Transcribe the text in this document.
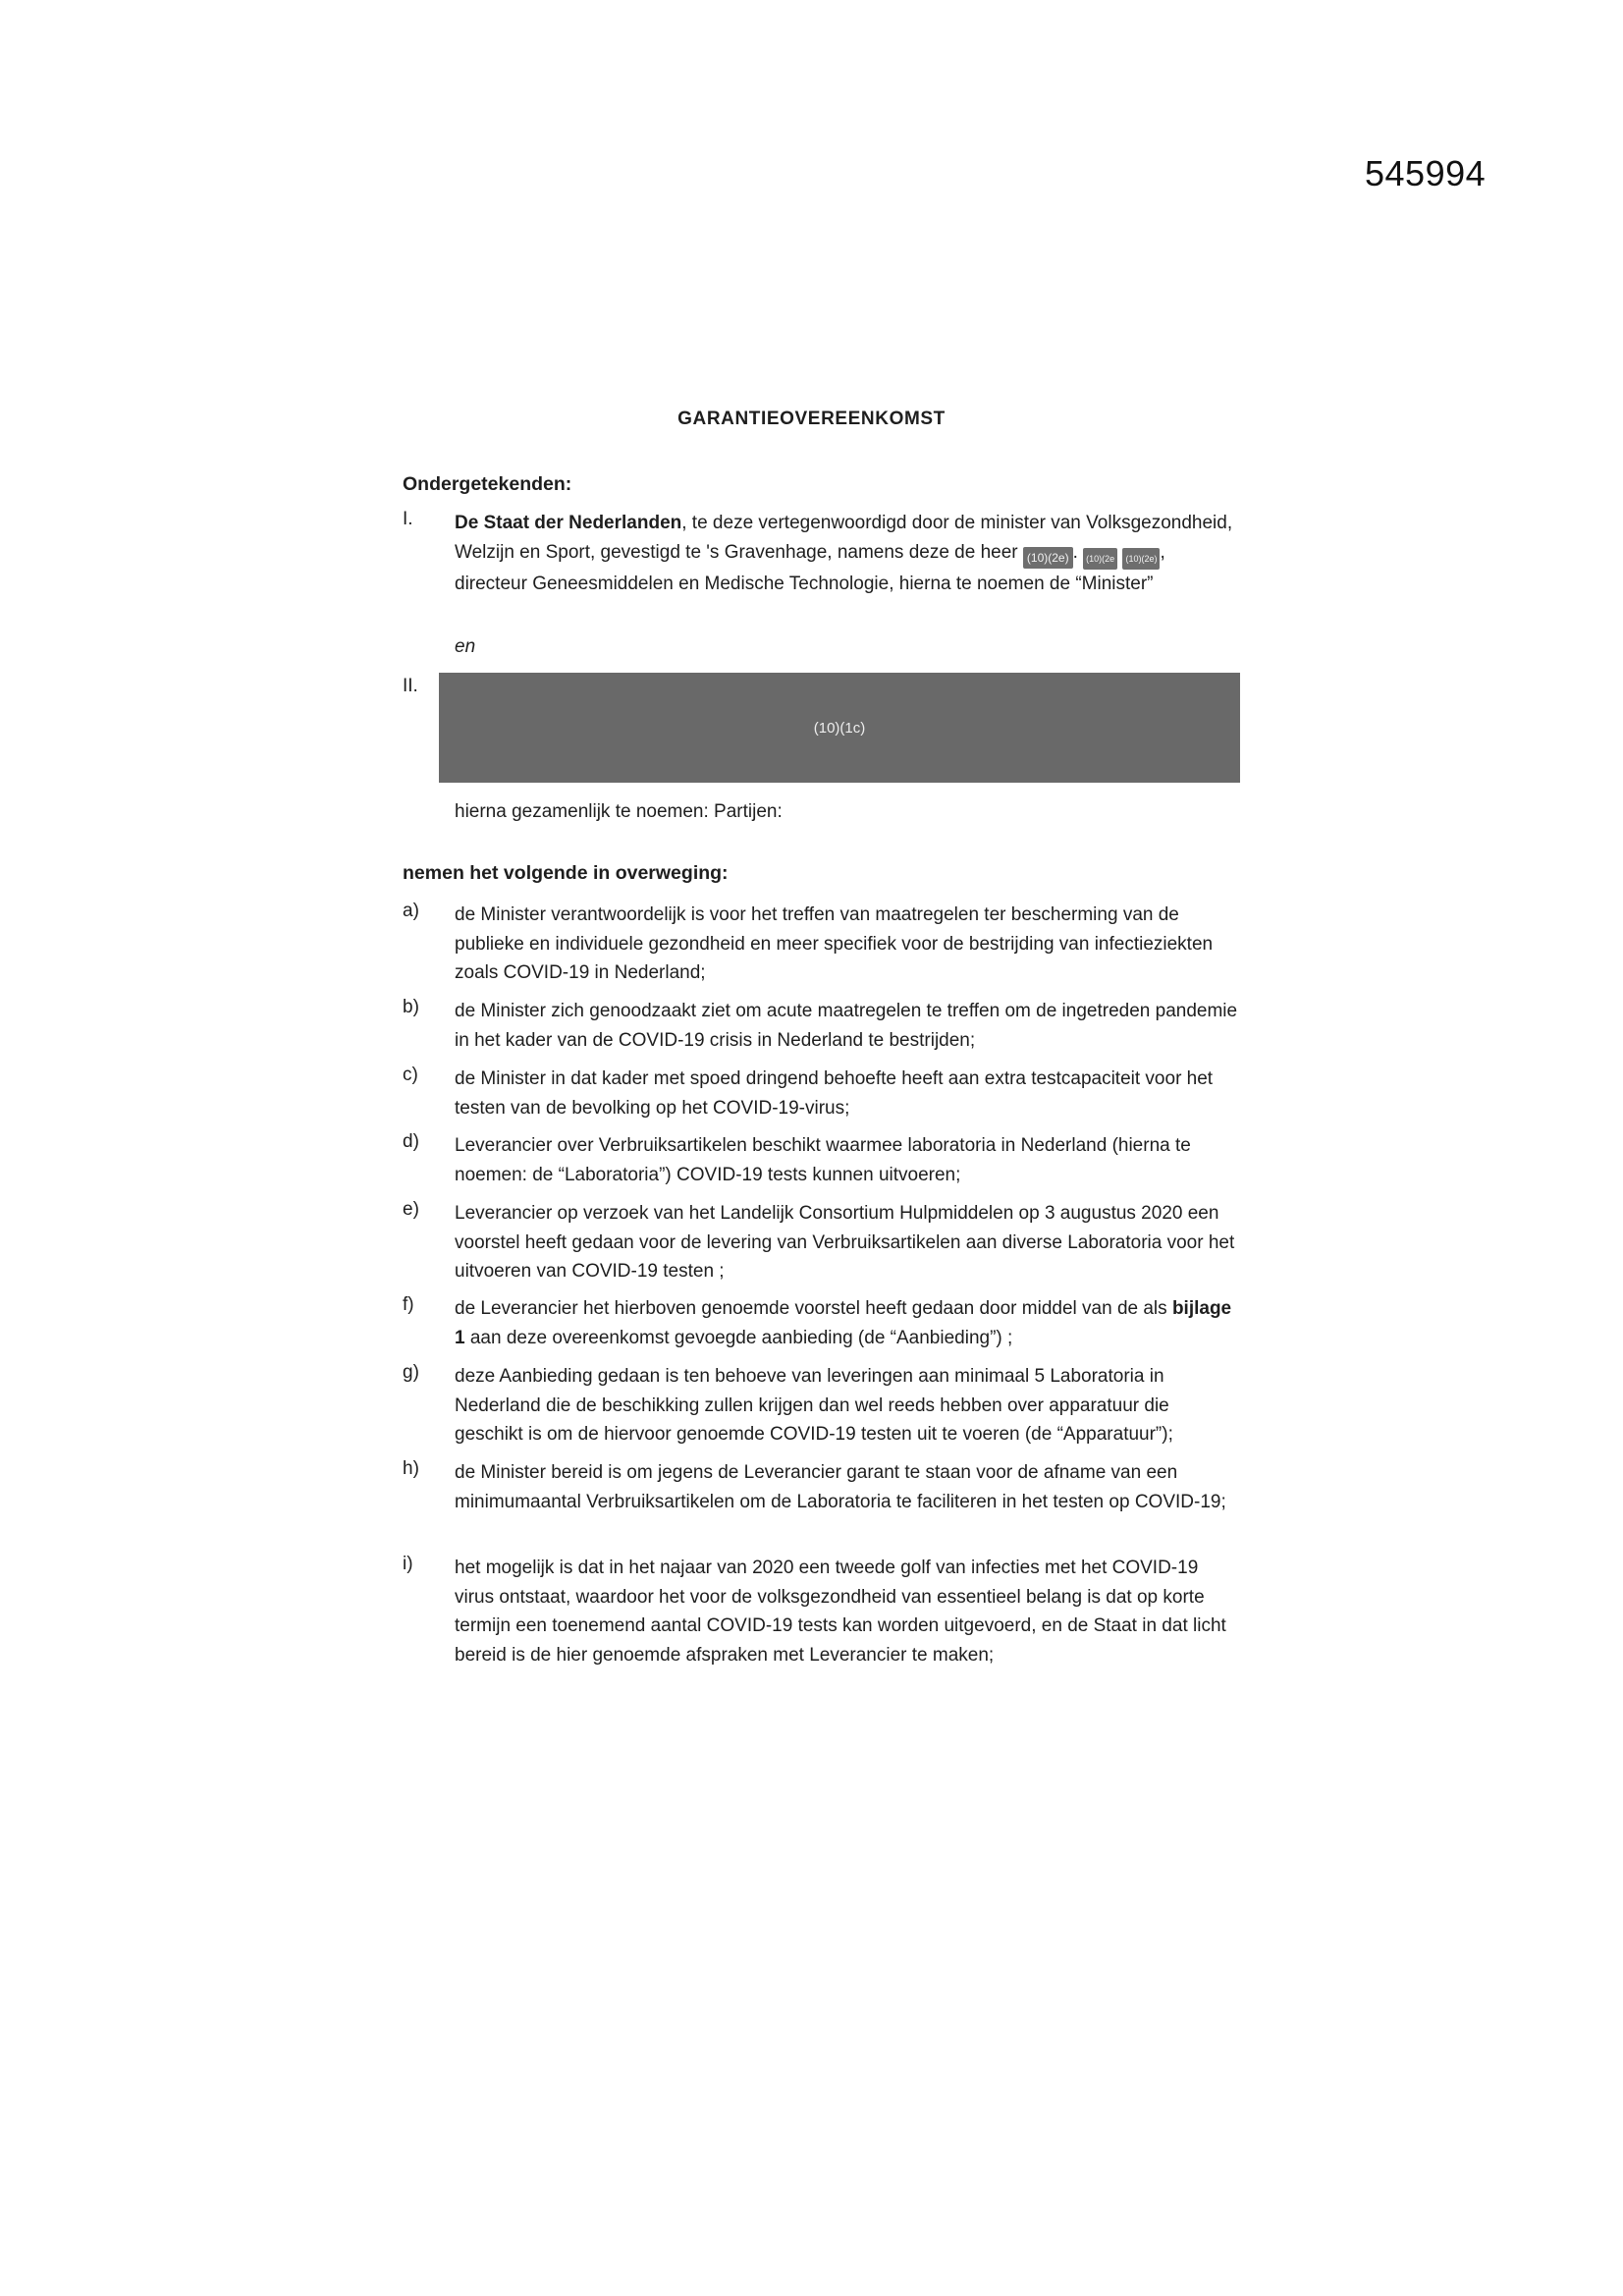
545994
GARANTIEOVEREENKOMST
Ondergetekenden:
I. De Staat der Nederlanden, te deze vertegenwoordigd door de minister van Volksgezondheid, Welzijn en Sport, gevestigd te 's Gravenhage, namens deze de heer (10)(2e) . (10)(2e (10)(2e) , directeur Geneesmiddelen en Medische Technologie, hierna te noemen de “Minister”
en
II.
(10)(1c)
hierna gezamenlijk te noemen: Partijen:
nemen het volgende in overweging:
a) de Minister verantwoordelijk is voor het treffen van maatregelen ter bescherming van de publieke en individuele gezondheid en meer specifiek voor de bestrijding van infectieziekten zoals COVID-19 in Nederland;
b) de Minister zich genoodzaakt ziet om acute maatregelen te treffen om de ingetreden pandemie in het kader van de COVID-19 crisis in Nederland te bestrijden;
c) de Minister in dat kader met spoed dringend behoefte heeft aan extra testcapaciteit voor het testen van de bevolking op het COVID-19-virus;
d) Leverancier over Verbruiksartikelen beschikt waarmee laboratoria in Nederland (hierna te noemen: de “Laboratoria”) COVID-19 tests kunnen uitvoeren;
e) Leverancier op verzoek van het Landelijk Consortium Hulpmiddelen op 3 augustus 2020 een voorstel heeft gedaan voor de levering van Verbruiksartikelen aan diverse Laboratoria voor het uitvoeren van COVID-19 testen ;
f) de Leverancier het hierboven genoemde voorstel heeft gedaan door middel van de als bijlage 1 aan deze overeenkomst gevoegde aanbieding (de “Aanbieding”) ;
g) deze Aanbieding gedaan is ten behoeve van leveringen aan minimaal 5 Laboratoria in Nederland die de beschikking zullen krijgen dan wel reeds hebben over apparatuur die geschikt is om de hiervoor genoemde COVID-19 testen uit te voeren (de “Apparatuur”);
h) de Minister bereid is om jegens de Leverancier garant te staan voor de afname van een minimumaantal Verbruiksartikelen om de Laboratoria te faciliteren in het testen op COVID-19;
i) het mogelijk is dat in het najaar van 2020 een tweede golf van infecties met het COVID-19 virus ontstaat, waardoor het voor de volksgezondheid van essentieel belang is dat op korte termijn een toenemend aantal COVID-19 tests kan worden uitgevoerd, en de Staat in dat licht bereid is de hier genoemde afspraken met Leverancier te maken;
